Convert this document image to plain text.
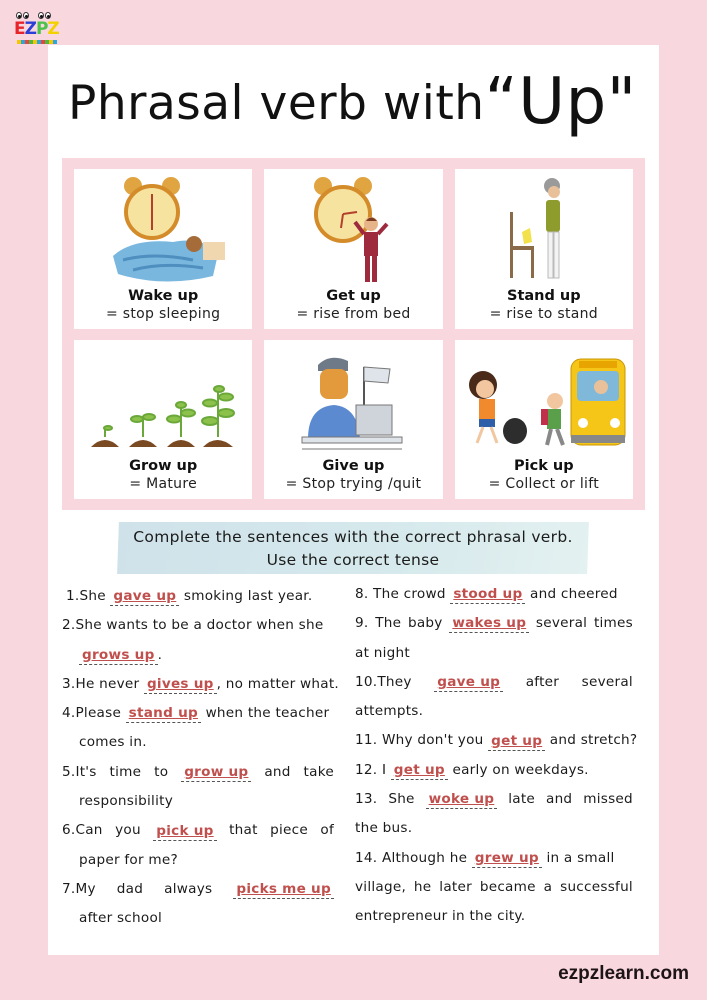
E Z P Z
Phrasal verb with“Up"
Wake up
= stop sleeping
Get up
= rise from bed
Stand up
= rise to stand
Grow up
= Mature
Give up
= Stop trying /quit
Pick up
= Collect or lift
Complete the sentences with the correct phrasal verb.
Use the correct tense
1.She
gave up
smoking last year.
2.She wants to be a doctor when she
grows up .
3.He never
gives up , no matter what.
4.Please
stand up
when the teacher
comes in.
5.It's time to grow up and take
responsibility
6.Can you pick up that piece of
paper for me?
7.My dad always picks me up
after school
8. The crowd
stood up
and cheered
9. The baby wakes up several times
at night
10.They gave up after several
attempts.
11. Why don't you
get up
and stretch?
12. I
get up
early on weekdays.
13. She woke up late and missed
the bus.
14. Although he
grew up
in a small
village, he later became a successful
entrepreneur in the city.
ezpzlearn.com
